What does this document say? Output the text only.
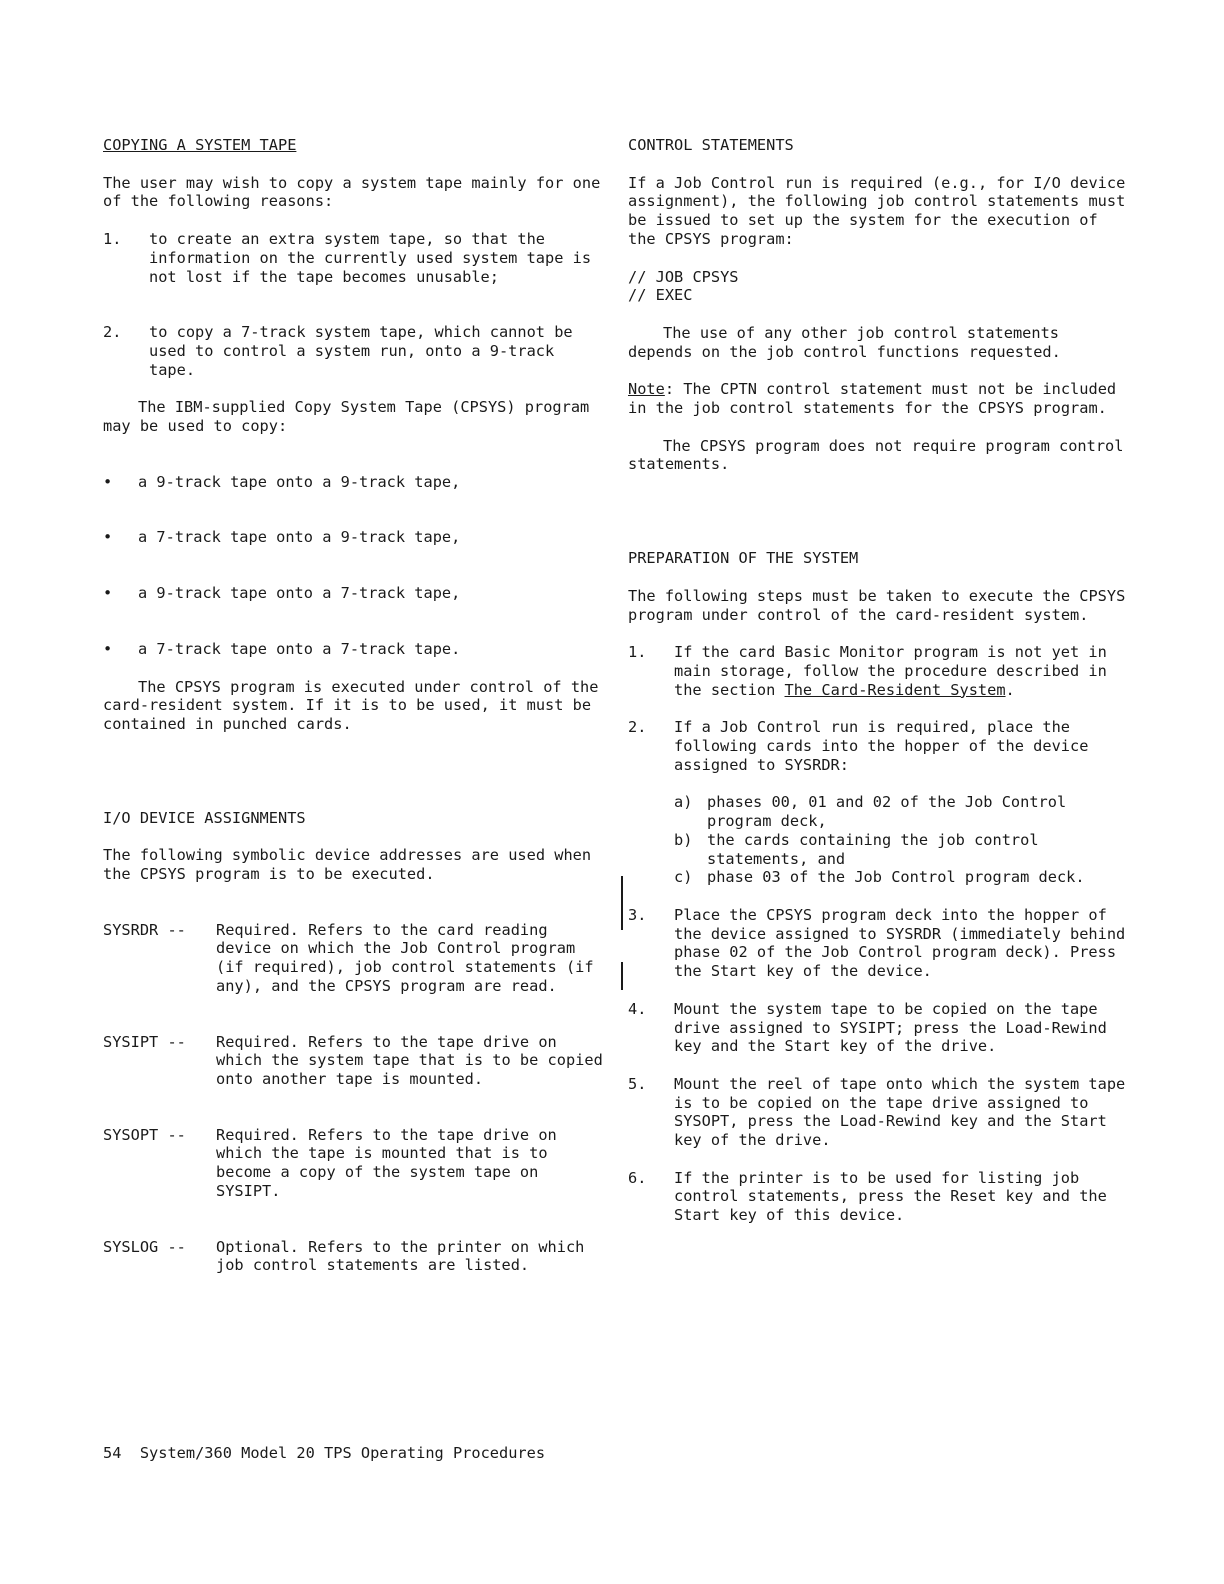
COPYING A SYSTEM TAPE

The user may wish to copy a system tape mainly for one of the following reasons:

1.	to create an extra system tape, so that the information on the currently used system tape is not lost if the tape becomes unusable;
2.	to copy a 7-track system tape, which cannot be used to control a system run, onto a 9-track tape.

The IBM-supplied Copy System Tape (CPSYS) program may be used to copy:

•	a 9-track tape onto a 9-track tape,
•	a 7-track tape onto a 9-track tape,
•	a 9-track tape onto a 7-track tape,
•	a 7-track tape onto a 7-track tape.

The CPSYS program is executed under control of the card-resident system. If it is to be used, it must be contained in punched cards.

I/O DEVICE ASSIGNMENTS

The following symbolic device addresses are used when the CPSYS program is to be executed.

SYSRDR --	Required. Refers to the card reading device on which the Job Control program (if required), job control statements (if any), and the CPSYS program are read.
SYSIPT --	Required. Refers to the tape drive on which the system tape that is to be copied onto another tape is mounted.
SYSOPT --	Required. Refers to the tape drive on which the tape is mounted that is to become a copy of the system tape on SYSIPT.
SYSLOG --	Optional. Refers to the printer on which job control statements are listed.

CONTROL STATEMENTS

If a Job Control run is required (e.g., for I/O device assignment), the following job control statements must be issued to set up the system for the execution of the CPSYS program:

// JOB CPSYS
// EXEC

The use of any other job control statements depends on the job control functions requested.

Note: The CPTN control statement must not be included in the job control statements for the CPSYS program.

The CPSYS program does not require program control statements.

PREPARATION OF THE SYSTEM

The following steps must be taken to execute the CPSYS program under control of the card-resident system.

1.	If the card Basic Monitor program is not yet in main storage, follow the procedure described in the section The Card-Resident System.
2.	If a Job Control run is required, place the following cards into the hopper of the device assigned to SYSRDR:
a) phases 00, 01 and 02 of the Job Control program deck,
b) the cards containing the job control statements, and
c) phase 03 of the Job Control program deck.
3.	Place the CPSYS program deck into the hopper of the device assigned to SYSRDR (immediately behind phase 02 of the Job Control program deck). Press the Start key of the device.
4.	Mount the system tape to be copied on the tape drive assigned to SYSIPT; press the Load-Rewind key and the Start key of the drive.
5.	Mount the reel of tape onto which the system tape is to be copied on the tape drive assigned to SYSOPT, press the Load-Rewind key and the Start key of the drive.
6.	If the printer is to be used for listing job control statements, press the Reset key and the Start key of this device.
54  System/360 Model 20 TPS Operating Procedures
